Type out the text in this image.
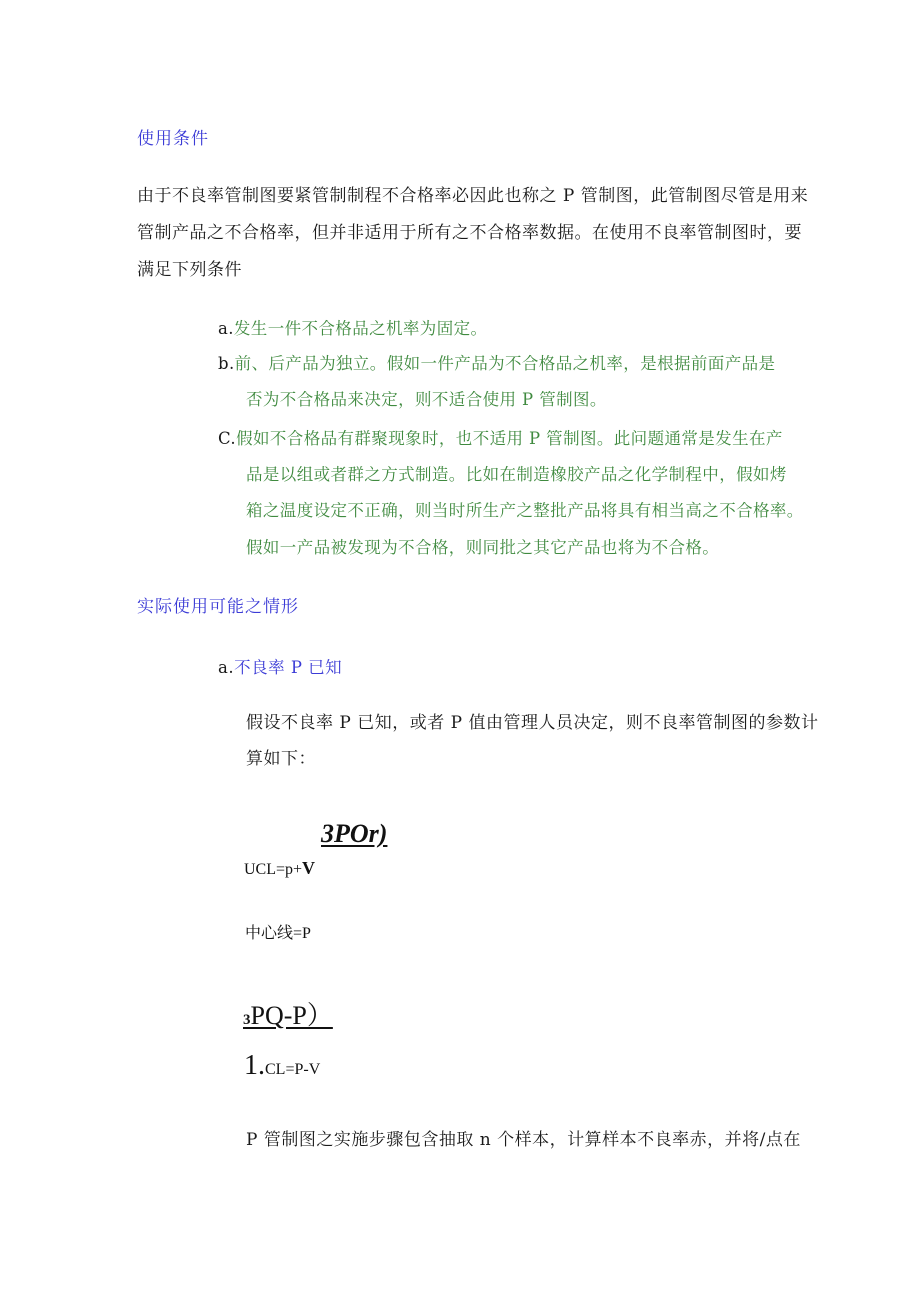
使用条件
由于不良率管制图要紧管制制程不合格率必因此也称之 P 管制图，此管制图尽管是用来
管制产品之不合格率，但并非适用于所有之不合格率数据。在使用不良率管制图时，要
满足下列条件
a.发生一件不合格品之机率为固定。
b.前、后产品为独立。假如一件产品为不合格品之机率，是根据前面产品是
否为不合格品来决定，则不适合使用 P 管制图。
C.假如不合格品有群聚现象时，也不适用 P 管制图。此问题通常是发生在产
品是以组或者群之方式制造。比如在制造橡胶产品之化学制程中，假如烤
箱之温度设定不正确，则当时所生产之整批产品将具有相当高之不合格率。
假如一产品被发现为不合格，则同批之其它产品也将为不合格。
实际使用可能之情形
a.不良率 P 已知
假设不良率 P 已知，或者 P 值由管理人员决定，则不良率管制图的参数计
算如下：
3POr)
UCL=p+V
中心线=P
3PQ-P）
1.CL=P-V
P 管制图之实施步骤包含抽取 n 个样本，计算样本不良率赤，并将/点在
